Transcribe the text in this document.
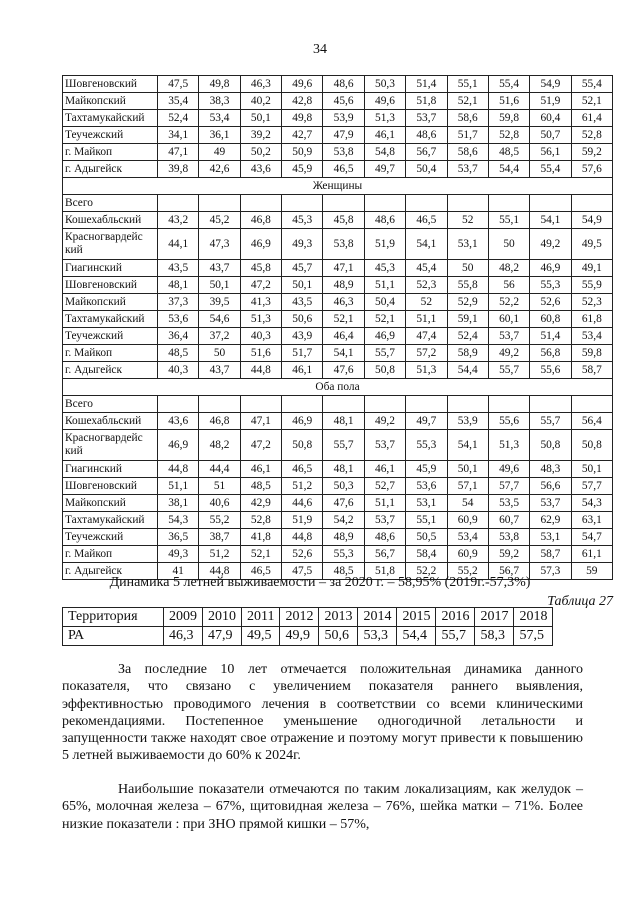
34
Шовгеновский	47,5	49,8	46,3	49,6	48,6	50,3	51,4	55,1	55,4	54,9	55,4
Майкопский	35,4	38,3	40,2	42,8	45,6	49,6	51,8	52,1	51,6	51,9	52,1
Тахтамукайский	52,4	53,4	50,1	49,8	53,9	51,3	53,7	58,6	59,8	60,4	61,4
Теучежский	34,1	36,1	39,2	42,7	47,9	46,1	48,6	51,7	52,8	50,7	52,8
г. Майкоп	47,1	49	50,2	50,9	53,8	54,8	56,7	58,6	48,5	56,1	59,2
г. Адыгейск	39,8	42,6	43,6	45,9	46,5	49,7	50,4	53,7	54,4	55,4	57,6
Женщины											
Всего											
Кошехабльский	43,2	45,2	46,8	45,3	45,8	48,6	46,5	52	55,1	54,1	54,9
Красногвардейс кий	44,1	47,3	46,9	49,3	53,8	51,9	54,1	53,1	50	49,2	49,5
Гиагинский	43,5	43,7	45,8	45,7	47,1	45,3	45,4	50	48,2	46,9	49,1
Шовгеновский	48,1	50,1	47,2	50,1	48,9	51,1	52,3	55,8	56	55,3	55,9
Майкопский	37,3	39,5	41,3	43,5	46,3	50,4	52	52,9	52,2	52,6	52,3
Тахтамукайский	53,6	54,6	51,3	50,6	52,1	52,1	51,1	59,1	60,1	60,8	61,8
Теучежский	36,4	37,2	40,3	43,9	46,4	46,9	47,4	52,4	53,7	51,4	53,4
г. Майкоп	48,5	50	51,6	51,7	54,1	55,7	57,2	58,9	49,2	56,8	59,8
г. Адыгейск	40,3	43,7	44,8	46,1	47,6	50,8	51,3	54,4	55,7	55,6	58,7
Оба пола											
Всего											
Кошехабльский	43,6	46,8	47,1	46,9	48,1	49,2	49,7	53,9	55,6	55,7	56,4
Красногвардейс кий	46,9	48,2	47,2	50,8	55,7	53,7	55,3	54,1	51,3	50,8	50,8
Гиагинский	44,8	44,4	46,1	46,5	48,1	46,1	45,9	50,1	49,6	48,3	50,1
Шовгеновский	51,1	51	48,5	51,2	50,3	52,7	53,6	57,1	57,7	56,6	57,7
Майкопский	38,1	40,6	42,9	44,6	47,6	51,1	53,1	54	53,5	53,7	54,3
Тахтамукайский	54,3	55,2	52,8	51,9	54,2	53,7	55,1	60,9	60,7	62,9	63,1
Теучежский	36,5	38,7	41,8	44,8	48,9	48,6	50,5	53,4	53,8	53,1	54,7
г. Майкоп	49,3	51,2	52,1	52,6	55,3	56,7	58,4	60,9	59,2	58,7	61,1
г. Адыгейск	41	44,8	46,5	47,5	48,5	51,8	52,2	55,2	56,7	57,3	59
Динамика 5 летней выживаемости – за 2020 г. – 58,95% (2019г.-57,3%)
Таблица 27
Территория	2009	2010	2011	2012	2013	2014	2015	2016	2017	2018
РА	46,3	47,9	49,5	49,9	50,6	53,3	54,4	55,7	58,3	57,5

За последние 10 лет отмечается положительная динамика данного показателя, что связано с увеличением показателя раннего выявления, эффективностью проводимого лечения в соответствии со всеми клиническими рекомендациями. Постепенное уменьшение одногодичной летальности и запущенности также находят свое отражение и поэтому могут привести к повышению 5 летней выживаемости до 60% к 2024г.

Наибольшие показатели отмечаются по таким локализациям, как желудок – 65%, молочная железа – 67%, щитовидная железа – 76%, шейка матки – 71%. Более низкие показатели : при ЗНО прямой кишки – 57%,
